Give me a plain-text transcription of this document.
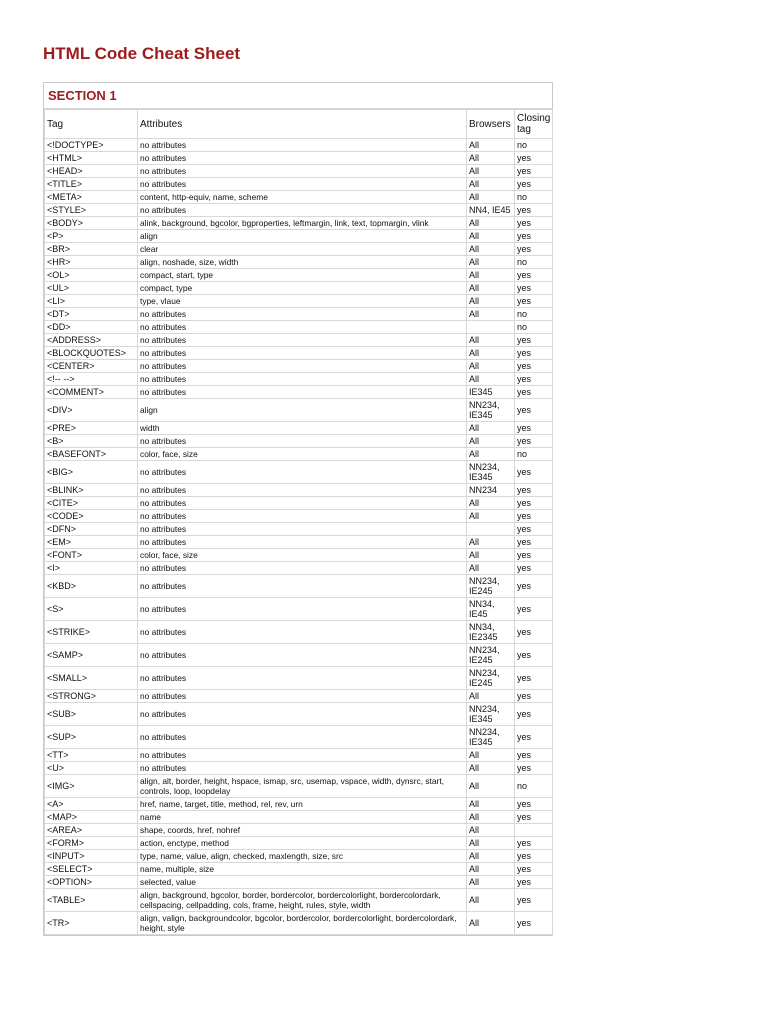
HTML Code Cheat Sheet
SECTION 1
Tag	Attributes	Browsers	Closing tag
<!DOCTYPE>	no attributes	All	no
<HTML>	no attributes	All	yes
<HEAD>	no attributes	All	yes
<TITLE>	no attributes	All	yes
<META>	content, http-equiv, name, scheme	All	no
<STYLE>	no attributes	NN4, IE45	yes
<BODY>	alink, background, bgcolor, bgproperties, leftmargin, link, text, topmargin, vlink	All	yes
<P>	align	All	yes
<BR>	clear	All	yes
<HR>	align, noshade, size, width	All	no
<OL>	compact, start, type	All	yes
<UL>	compact, type	All	yes
<LI>	type, vlaue	All	yes
<DT>	no attributes	All	no
<DD>	no attributes		no
<ADDRESS>	no attributes	All	yes
<BLOCKQUOTES>	no attributes	All	yes
<CENTER>	no attributes	All	yes
<!-- -->	no attributes	All	yes
<COMMENT>	no attributes	IE345	yes
<DIV>	align	NN234, IE345	yes
<PRE>	width	All	yes
<B>	no attributes	All	yes
<BASEFONT>	color, face, size	All	no
<BIG>	no attributes	NN234, IE345	yes
<BLINK>	no attributes	NN234	yes
<CITE>	no attributes	All	yes
<CODE>	no attributes	All	yes
<DFN>	no attributes		yes
<EM>	no attributes	All	yes
<FONT>	color, face, size	All	yes
<I>	no attributes	All	yes
<KBD>	no attributes	NN234, IE245	yes
<S>	no attributes	NN34, IE45	yes
<STRIKE>	no attributes	NN34, IE2345	yes
<SAMP>	no attributes	NN234, IE245	yes
<SMALL>	no attributes	NN234, IE245	yes
<STRONG>	no attributes	All	yes
<SUB>	no attributes	NN234, IE345	yes
<SUP>	no attributes	NN234, IE345	yes
<TT>	no attributes	All	yes
<U>	no attributes	All	yes
<IMG>	align, alt, border, height, hspace, ismap, src, usemap, vspace, width, dynsrc, start, controls, loop, loopdelay	All	no
<A>	href, name, target, title, method, rel, rev, urn	All	yes
<MAP>	name	All	yes
<AREA>	shape, coords, href, nohref	All	
<FORM>	action, enctype, method	All	yes
<INPUT>	type, name, value, align, checked, maxlength, size, src	All	yes
<SELECT>	name, multiple, size	All	yes
<OPTION>	selected, value	All	yes
<TABLE>	align, background, bgcolor, border, bordercolor, bordercolorlight, bordercolordark, cellspacing, cellpadding, cols, frame, height, rules, style, width	All	yes
<TR>	align, valign, backgroundcolor, bgcolor, bordercolor, bordercolorlight, bordercolordark, height, style	All	yes
